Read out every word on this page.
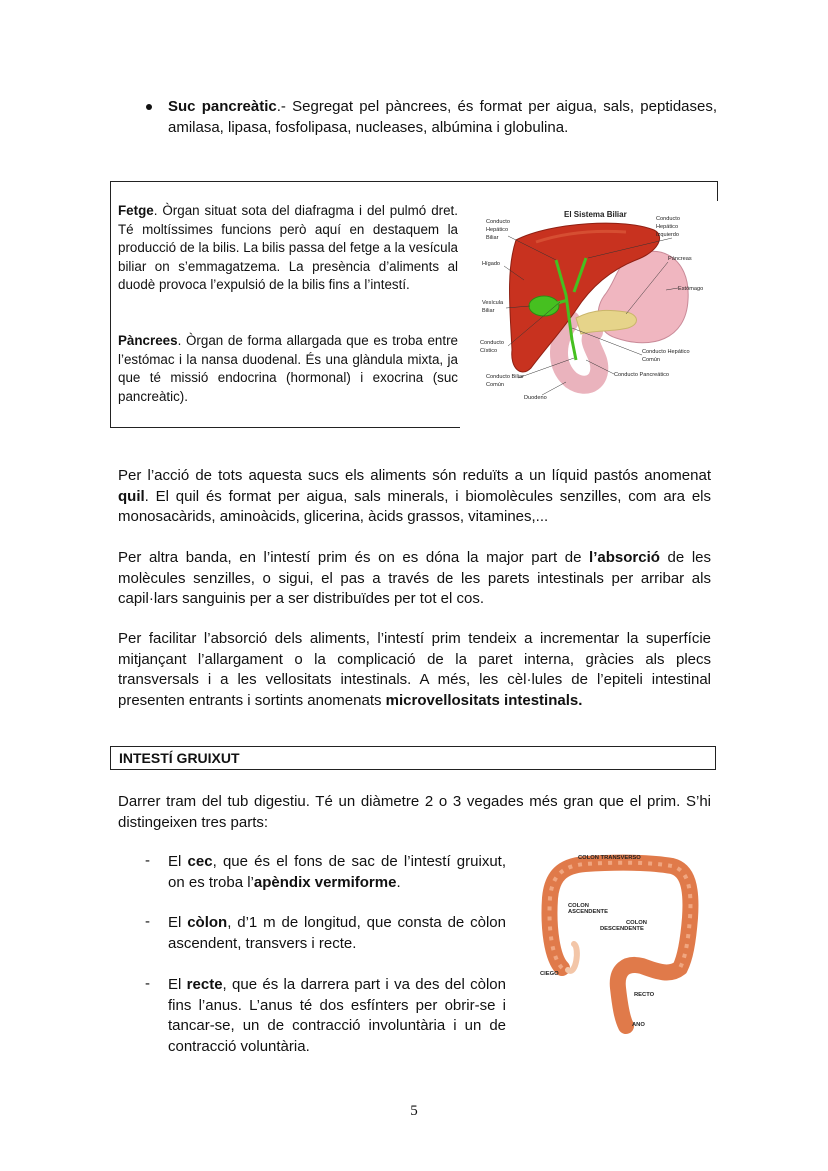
Suc pancreàtic.- Segregat pel pàncrees, és format per aigua, sals, peptidases, amilasa, lipasa, fosfolipasa, nucleases, albúmina i globulina.

Fetge. Òrgan situat sota del diafragma i del pulmó dret. Té moltíssimes funcions però aquí en destaquem la producció de la bilis. La bilis passa del fetge a la vesícula biliar on s’emmagatzema. La presència d’aliments al duodè provoca l’expulsió de la bilis fins a l’intestí.

Pàncrees. Òrgan de forma allargada que es troba entre l’estómac i la nansa duodenal. És una glàndula mixta, ja que té missió endocrina (hormonal) i exocrina (suc pancreàtic).

El Sistema Biliar
Conducto
Hepático
Biliar
Conducto
Hepático
Izquierdo
Hígado
Páncreas
Estómago
Vesícula
Biliar
Conducto
Cístico	Conducto Hepático
Común
Conducto Pancreático
Conducto Biliar
Común
Duodeno

Per l’acció de tots aquesta sucs els aliments són reduïts a un líquid pastós anomenat quil. El quil és format per aigua, sals minerals, i biomolècules senzilles, com ara els monosacàrids, aminoàcids, glicerina, àcids grassos, vitamines,...

Per altra banda, en l’intestí prim és on es dóna la major part de l’absorció de les molècules senzilles, o sigui, el pas a través de les parets intestinals per arribar als capil·lars sanguinis per a ser distribuïdes per tot el cos.

Per facilitar l’absorció dels aliments, l’intestí prim tendeix a incrementar la superfície mitjançant l’allargament o la complicació de la paret interna, gràcies als plecs transversals i a les vellositats intestinals. A més, les cèl·lules de l’epiteli intestinal presenten entrants i sortints anomenats microvellositats intestinals.

INTESTÍ GRUIXUT

Darrer tram del tub digestiu. Té un diàmetre 2 o 3 vegades més gran que el prim. S’hi distingeixen tres parts:

- El cec, que és el fons de sac de l’intestí gruixut, on es troba l’apèndix vermiforme.

- El còlon, d’1 m de longitud, que consta de còlon ascendent, transvers i recte.

- El recte, que és la darrera part i va des del còlon fins l’anus. L’anus té dos esfínters per obrir-se i tancar-se, un de contracció involuntària i un de contracció voluntària.

COLON TRANSVERSO
COLON
ASCENDENTE
COLON
DESCENDENTE
CIEGO
RECTO
ANO
5
